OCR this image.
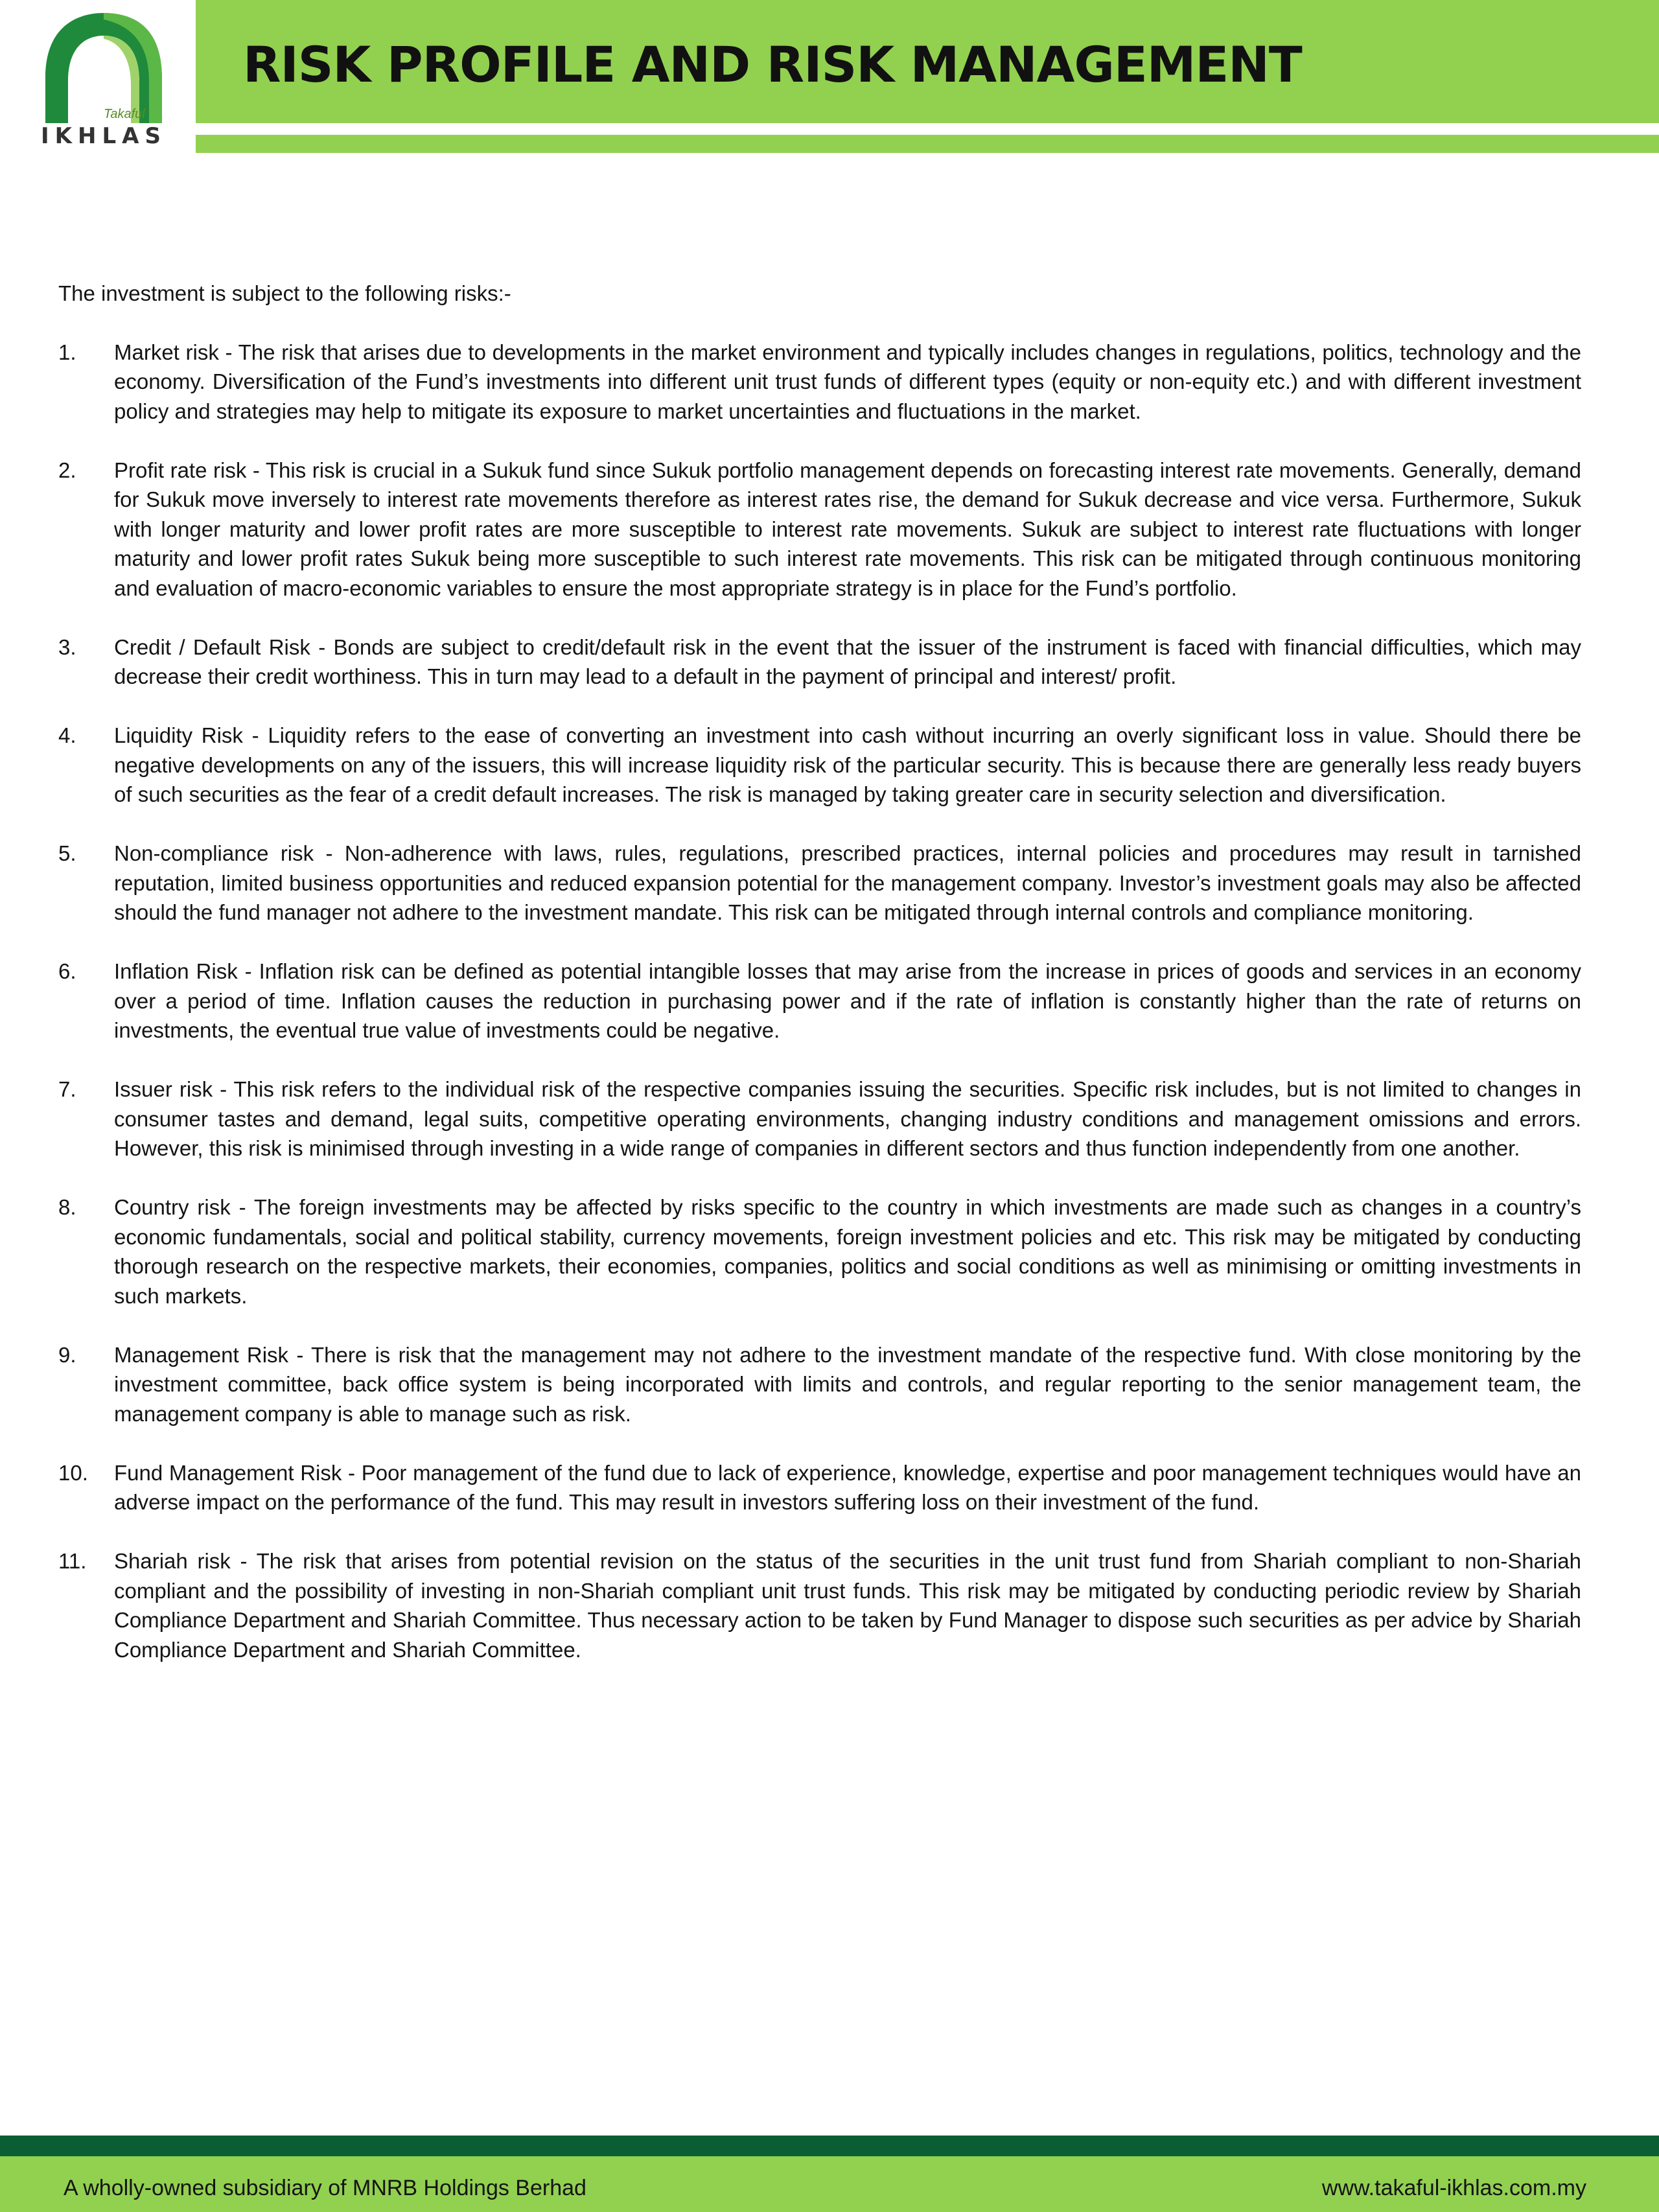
Takaful
IKHLAS
RISK PROFILE AND RISK MANAGEMENT

The investment is subject to the following risks:-

1.	Market risk - The risk that arises due to developments in the market environment and typically includes changes in regulations, politics, technology and the economy. Diversification of the Fund’s investments into different unit trust funds of different types (equity or non-equity etc.) and with different investment policy and strategies may help to mitigate its exposure to market uncertainties and fluctuations in the market.
2.	Profit rate risk - This risk is crucial in a Sukuk fund since Sukuk portfolio management depends on forecasting interest rate movements. Generally, demand for Sukuk move inversely to interest rate movements therefore as interest rates rise, the demand for Sukuk decrease and vice versa. Furthermore, Sukuk with longer maturity and lower profit rates are more susceptible to interest rate movements. Sukuk are subject to interest rate fluctuations with longer maturity and lower profit rates Sukuk being more susceptible to such interest rate movements. This risk can be mitigated through continuous monitoring and evaluation of macro-economic variables to ensure the most appropriate strategy is in place for the Fund’s portfolio.
3.	Credit / Default Risk - Bonds are subject to credit/default risk in the event that the issuer of the instrument is faced with financial difficulties, which may decrease their credit worthiness. This in turn may lead to a default in the payment of principal and interest/ profit.
4.	Liquidity Risk - Liquidity refers to the ease of converting an investment into cash without incurring an overly significant loss in value. Should there be negative developments on any of the issuers, this will increase liquidity risk of the particular security. This is because there are generally less ready buyers of such securities as the fear of a credit default increases. The risk is managed by taking greater care in security selection and diversification.
5.	Non-compliance risk - Non-adherence with laws, rules, regulations, prescribed practices, internal policies and procedures may result in tarnished reputation, limited business opportunities and reduced expansion potential for the management company. Investor’s investment goals may also be affected should the fund manager not adhere to the investment mandate. This risk can be mitigated through internal controls and compliance monitoring.
6.	Inflation Risk - Inflation risk can be defined as potential intangible losses that may arise from the increase in prices of goods and services in an economy over a period of time. Inflation causes the reduction in purchasing power and if the rate of inflation is constantly higher than the rate of returns on investments, the eventual true value of investments could be negative.
7.	Issuer risk - This risk refers to the individual risk of the respective companies issuing the securities. Specific risk includes, but is not limited to changes in consumer tastes and demand, legal suits, competitive operating environments, changing industry conditions and management omissions and errors. However, this risk is minimised through investing in a wide range of companies in different sectors and thus function independently from one another.
8.	Country risk - The foreign investments may be affected by risks specific to the country in which investments are made such as changes in a country’s economic fundamentals, social and political stability, currency movements, foreign investment policies and etc. This risk may be mitigated by conducting thorough research on the respective markets, their economies, companies, politics and social conditions as well as minimising or omitting investments in such markets.
9.	Management Risk - There is risk that the management may not adhere to the investment mandate of the respective fund. With close monitoring by the investment committee, back office system is being incorporated with limits and controls, and regular reporting to the senior management team, the management company is able to manage such as risk.
10.	Fund Management Risk - Poor management of the fund due to lack of experience, knowledge, expertise and poor management techniques would have an adverse impact on the performance of the fund. This may result in investors suffering loss on their investment of the fund.
11.	Shariah risk - The risk that arises from potential revision on the status of the securities in the unit trust fund from Shariah compliant to non-Shariah compliant and the possibility of investing in non-Shariah compliant unit trust funds. This risk may be mitigated by conducting periodic review by Shariah Compliance Department and Shariah Committee. Thus necessary action to be taken by Fund Manager to dispose such securities as per advice by Shariah Compliance Department and Shariah Committee.
A wholly-owned subsidiary of MNRB Holdings Berhad	www.takaful-ikhlas.com.my
